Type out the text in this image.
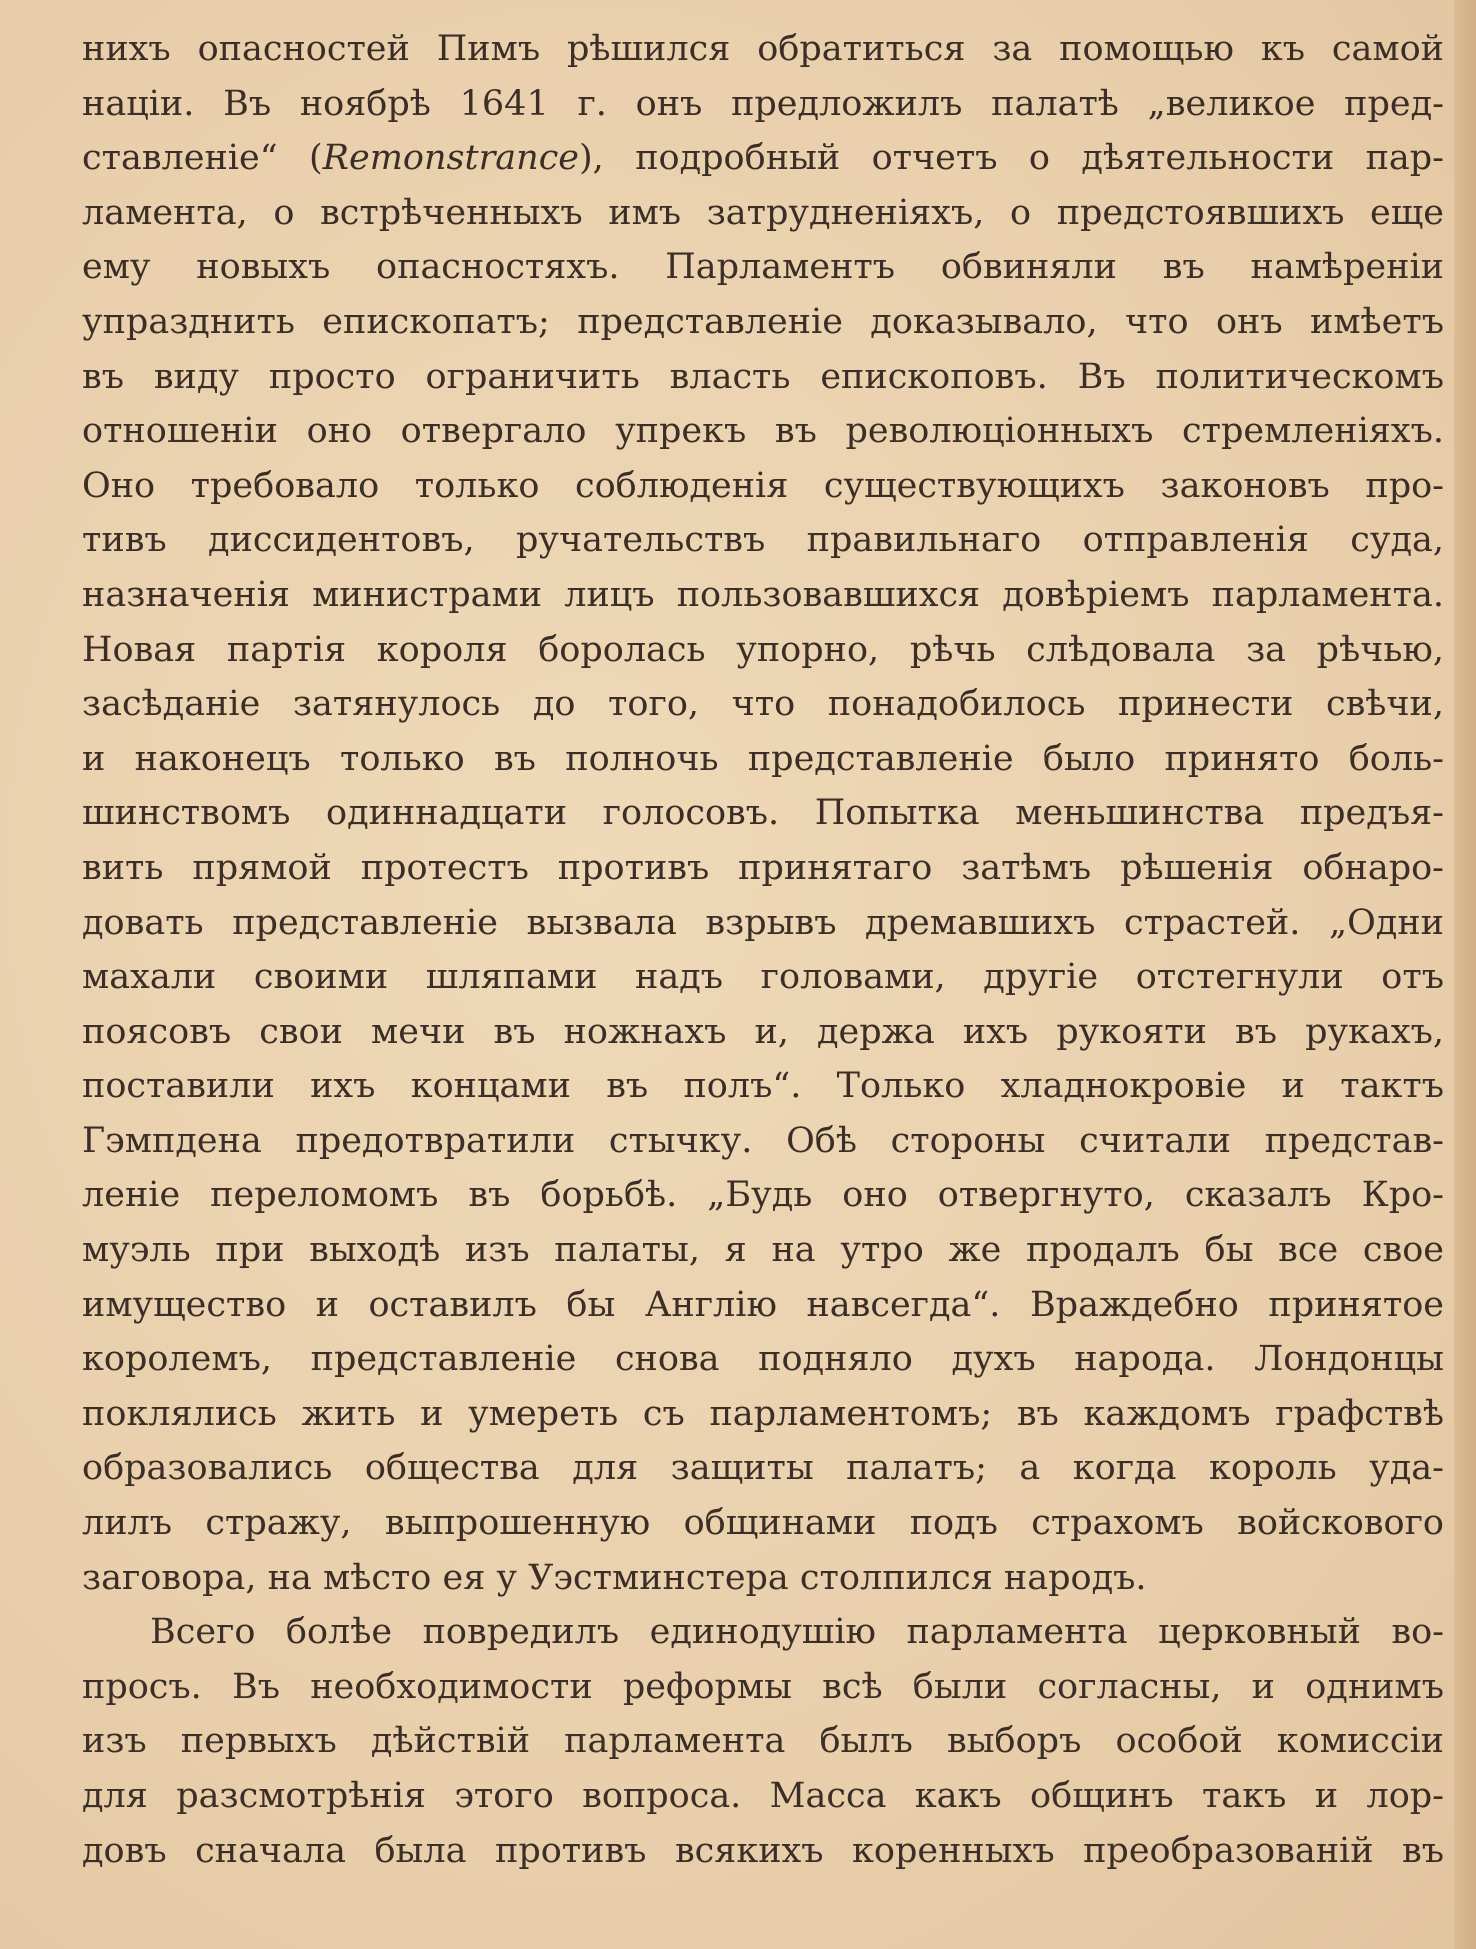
нихъ опасностей Пимъ рѣшился обратиться за помощью къ самой
націи. Въ ноябрѣ 1641 г. онъ предложилъ палатѣ „великое пред-
ставленіе“ (Remonstrance), подробный отчетъ о дѣятельности пар-
ламента, о встрѣченныхъ имъ затрудненіяхъ, о предстоявшихъ еще
ему новыхъ опасностяхъ. Парламентъ обвиняли въ намѣреніи
упразднить епископатъ; представленіе доказывало, что онъ имѣетъ
въ виду просто ограничить власть епископовъ. Въ политическомъ
отношеніи оно отвергало упрекъ въ революціонныхъ стремленіяхъ.
Оно требовало только соблюденія существующихъ законовъ про-
тивъ диссидентовъ, ручательствъ правильнаго отправленія суда,
назначенія министрами лицъ пользовавшихся довѣріемъ парламента.
Новая партія короля боролась упорно, рѣчь слѣдовала за рѣчью,
засѣданіе затянулось до того, что понадобилось принести свѣчи,
и наконецъ только въ полночь представленіе было принято боль-
шинствомъ одиннадцати голосовъ. Попытка меньшинства предъя-
вить прямой протестъ противъ принятаго затѣмъ рѣшенія обнаро-
довать представленіе вызвала взрывъ дремавшихъ страстей. „Одни
махали своими шляпами надъ головами, другіе отстегнули отъ
поясовъ свои мечи въ ножнахъ и, держа ихъ рукояти въ рукахъ,
поставили ихъ концами въ полъ“. Только хладнокровіе и тактъ
Гэмпдена предотвратили стычку. Обѣ стороны считали представ-
леніе переломомъ въ борьбѣ. „Будь оно отвергнуто, сказалъ Кро-
муэль при выходѣ изъ палаты, я на утро же продалъ бы все свое
имущество и оставилъ бы Англію навсегда“. Враждебно принятое
королемъ, представленіе снова подняло духъ народа. Лондонцы
поклялись жить и умереть съ парламентомъ; въ каждомъ графствѣ
образовались общества для защиты палатъ; а когда король уда-
лилъ стражу, выпрошенную общинами подъ страхомъ войскового
заговора, на мѣсто ея у Уэстминстера столпился народъ.
Всего болѣе повредилъ единодушію парламента церковный во-
просъ. Въ необходимости реформы всѣ были согласны, и однимъ
изъ первыхъ дѣйствій парламента былъ выборъ особой комиссіи
для разсмотрѣнія этого вопроса. Масса какъ общинъ такъ и лор-
довъ сначала была противъ всякихъ коренныхъ преобразованій въ
